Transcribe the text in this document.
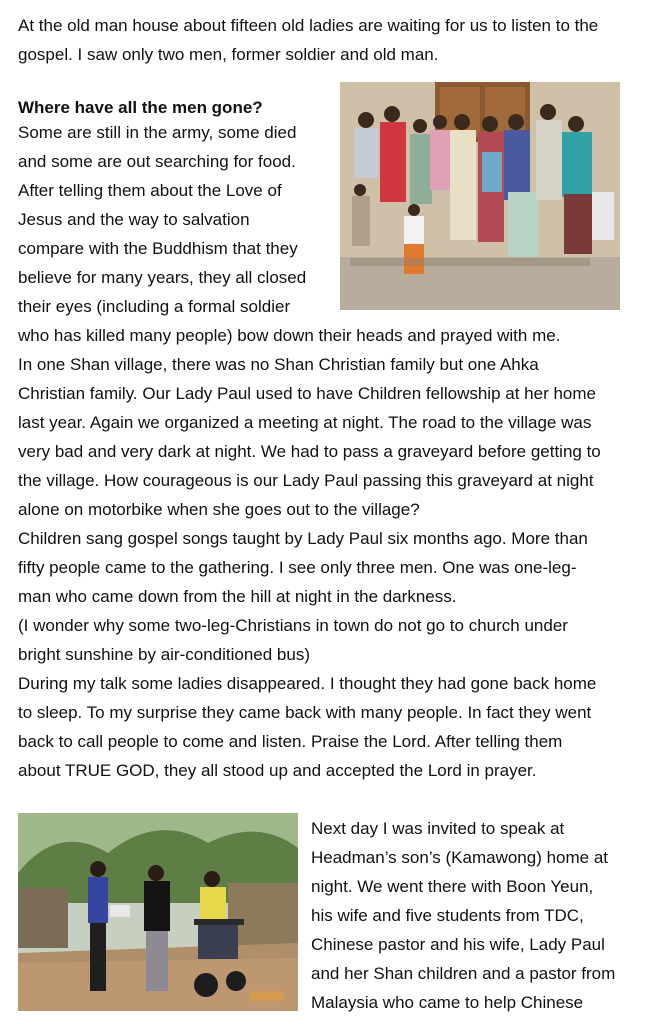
At the old man house about fifteen old ladies are waiting for us to listen to the
gospel. I saw only two men, former soldier and old man.
Where have all the men gone?
Some are still in the army, some died
and some are out searching for food.
After telling them about the Love of
Jesus and the way to salvation
compare with the Buddhism that they
believe for many years, they all closed
their eyes (including a formal soldier
who has killed many people) bow down their heads and prayed with me.
In one Shan village, there was no Shan Christian family but one Ahka
Christian family. Our Lady Paul used to have Children fellowship at her home
last year. Again we organized a meeting at night. The road to the village was
very bad and very dark at night. We had to pass a graveyard before getting to
the village. How courageous is our Lady Paul passing this graveyard at night
alone on motorbike when she goes out to the village?
Children sang gospel songs taught by Lady Paul six months ago. More than
fifty people came to the gathering. I see only three men. One was one-leg-
man who came down from the hill at night in the darkness.
(I wonder why some two-leg-Christians in town do not go to church under
bright sunshine by air-conditioned bus)
During my talk some ladies disappeared. I thought they had gone back home
to sleep. To my surprise they came back with many people. In fact they went
back to call people to come and listen. Praise the Lord. After telling them
about TRUE GOD, they all stood up and accepted the Lord in prayer.
Next day I was invited to speak at
Headman’s son’s (Kamawong) home at
night. We went there with Boon Yeun,
his wife and five students from TDC,
Chinese pastor and his wife, Lady Paul
and her Shan children and a pastor from
Malaysia who came to help Chinese
